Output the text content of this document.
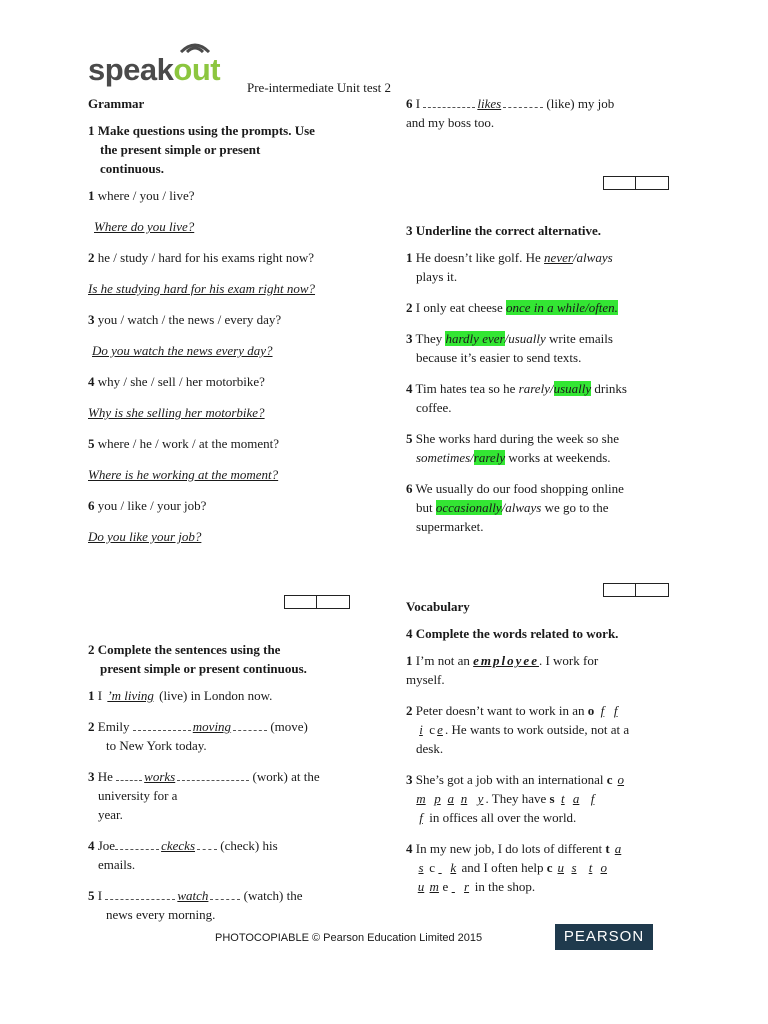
speak
out
Pre-intermediate Unit test 2
Grammar
1 Make questions using the prompts. Use
the present simple or present
continuous.
1 where / you / live?
Where do you live?
2 he / study / hard for his exams right now?
Is he studying hard for his exam right now?
3 you / watch / the news / every day?
Do you watch the news every day?
4 why / she / sell / her motorbike?
Why is she selling her motorbike?
5 where / he / work / at the moment?
Where is he working at the moment?
6 you / like / your job?
Do you like your job?
2 Complete the sentences using the
present simple or present continuous.
1 I ’m living (live) in London now.
2 Emily	moving	(move)
to New York today.
3 He works	(work) at the
university for a
year.
4 Joe	ckecks (check) his
emails.
5 I	watch	(watch) the
news every morning.
6 I	likes	(like) my job
and my boss too.
3 Underline the correct alternative.
1 He doesn’t like golf. He never/always
plays it.
2 I only eat cheese once in a while/often.
3 They hardly ever/usually write emails
because it’s easier to send texts.
4 Tim hates tea so he rarely/usually drinks
coffee.
5 She works hard during the week so she
sometimes/rarely works at weekends.
6 We usually do our food shopping online
but occasionally/always we go to the
supermarket.
Vocabulary
4 Complete the words related to work.
1 I’m not an employee. I work for
myself.
2 Peter doesn’t want to work in an o f f
i c e . He wants to work outside, not at a
desk.
3 She’s got a job with an international c o
m p a n y . They have s t a f
f in offices all over the world.
4 In my new job, I do lots of different t a
s c k and I often help c u s t o
u m e r in the shop.
PHOTOCOPIABLE © Pearson Education Limited 2015	PEARSON
